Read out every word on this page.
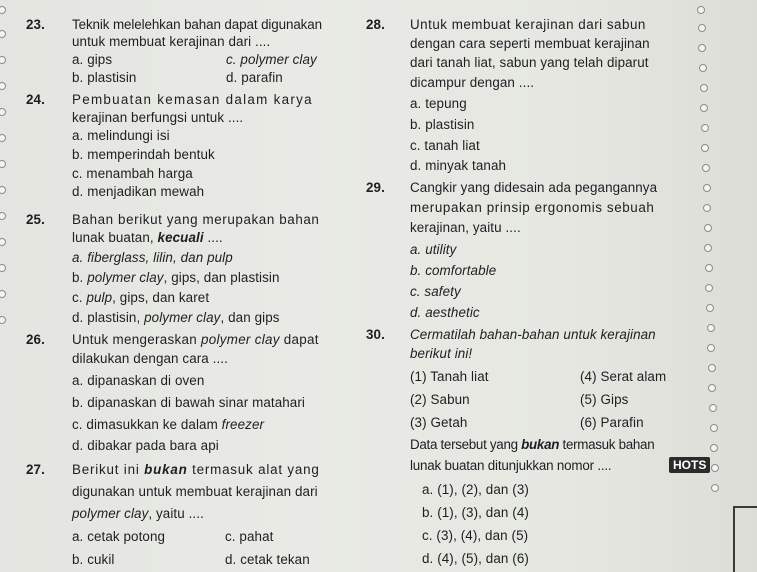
23. Teknik melelehkan bahan dapat digunakan
untuk membuat kerajinan dari ....
a. gips	c. polymer clay
b. plastisin	d. parafin
24. Pembuatan kemasan dalam karya
kerajinan berfungsi untuk ....
a. melindungi isi
b. memperindah bentuk
c. menambah harga
d. menjadikan mewah
25. Bahan berikut yang merupakan bahan
lunak buatan, kecuali ....
a. fiberglass, lilin, dan pulp
b. polymer clay, gips, dan plastisin
c. pulp, gips, dan karet
d. plastisin, polymer clay, dan gips
26. Untuk mengeraskan polymer clay dapat
dilakukan dengan cara ....
a. dipanaskan di oven
b. dipanaskan di bawah sinar matahari
c. dimasukkan ke dalam freezer
d. dibakar pada bara api
27. Berikut ini bukan termasuk alat yang
digunakan untuk membuat kerajinan dari
polymer clay, yaitu ....
a. cetak potong	c. pahat
b. cukil	d. cetak tekan
28. Untuk membuat kerajinan dari sabun
dengan cara seperti membuat kerajinan
dari tanah liat, sabun yang telah diparut
dicampur dengan ....
a. tepung
b. plastisin
c. tanah liat
d. minyak tanah
29. Cangkir yang didesain ada pegangannya
merupakan prinsip ergonomis sebuah
kerajinan, yaitu ....
a. utility
b. comfortable
c. safety
d. aesthetic
30. Cermatilah bahan-bahan untuk kerajinan
berikut ini!
(1) Tanah liat	(4) Serat alam
(2) Sabun	(5) Gips
(3) Getah	(6) Parafin
Data tersebut yang bukan termasuk bahan
lunak buatan ditunjukkan nomor ....	HOTS
a. (1), (2), dan (3)
b. (1), (3), dan (4)
c. (3), (4), dan (5)
d. (4), (5), dan (6)
